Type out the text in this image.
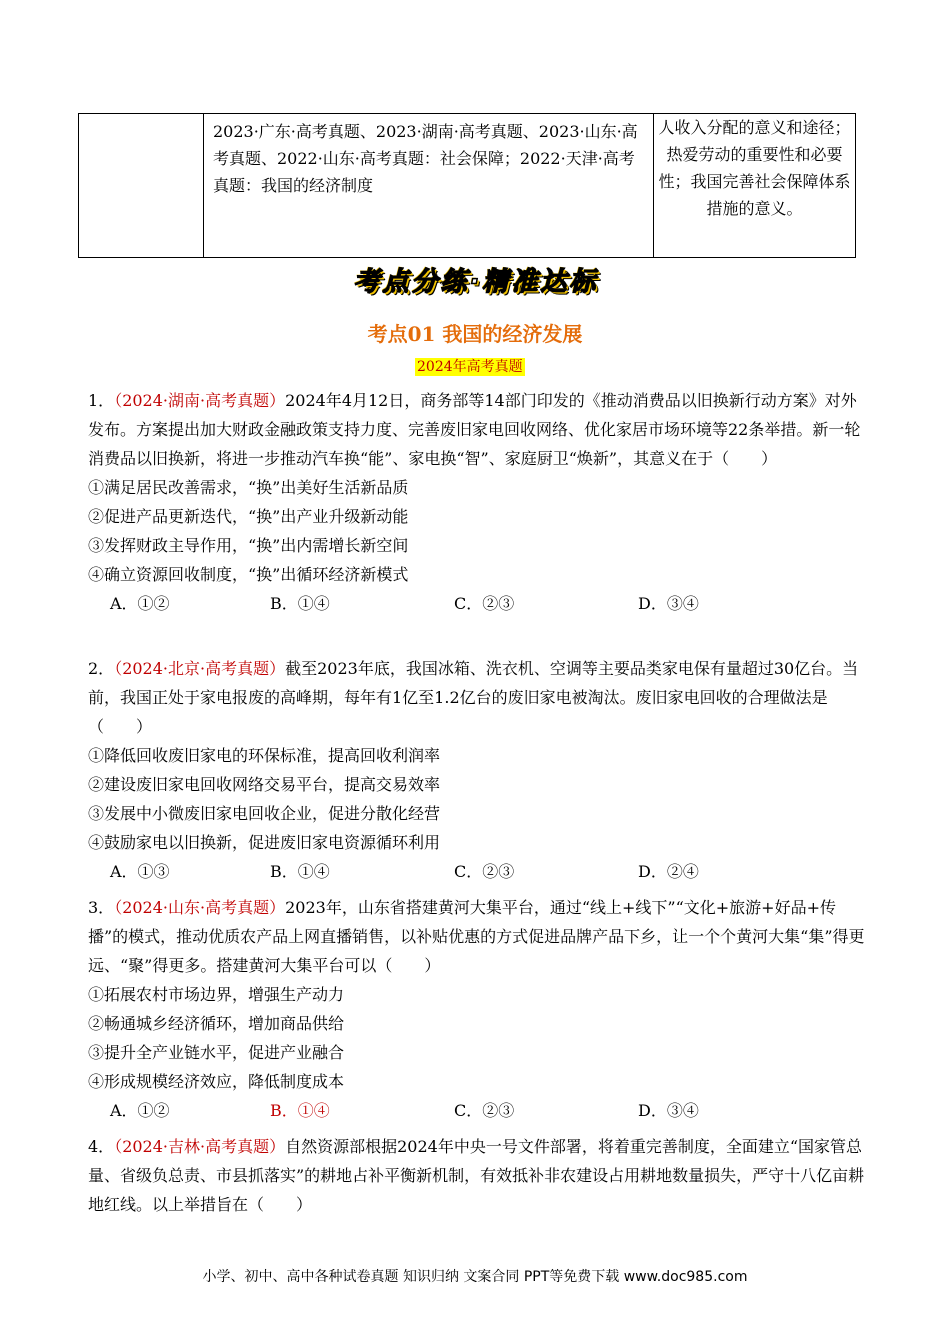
	2023·广东·高考真题、2023·湖南·高考真题、2023·山东·高考真题、2022·山东·高考真题：社会保障；2022·天津·高考真题：我国的经济制度	人收入分配的意义和途径；热爱劳动的重要性和必要性；我国完善社会保障体系措施的意义。
考点分练·精准达标
考点01 我国的经济发展
2024年高考真题

1．（2024·湖南·高考真题）2024年4月12日，商务部等14部门印发的《推动消费品以旧换新行动方案》对外发布。方案提出加大财政金融政策支持力度、完善废旧家电回收网络、优化家居市场环境等22条举措。新一轮消费品以旧换新，将进一步推动汽车换“能”、家电换“智”、家庭厨卫“焕新”，其意义在于（　　）

①满足居民改善需求，“换”出美好生活新品质

②促进产品更新迭代，“换”出产业升级新动能

③发挥财政主导作用，“换”出内需增长新空间

④确立资源回收制度，“换”出循环经济新模式

A．①②	B．①④	C．②③	D．③④

2．（2024·北京·高考真题）截至2023年底，我国冰箱、洗衣机、空调等主要品类家电保有量超过30亿台。当前，我国正处于家电报废的高峰期，每年有1亿至1.2亿台的废旧家电被淘汰。废旧家电回收的合理做法是（　　）

①降低回收废旧家电的环保标准，提高回收利润率

②建设废旧家电回收网络交易平台，提高交易效率

③发展中小微废旧家电回收企业，促进分散化经营

④鼓励家电以旧换新，促进废旧家电资源循环利用

A．①③	B．①④	C．②③	D．②④

3．（2024·山东·高考真题）2023年，山东省搭建黄河大集平台，通过“线上+线下”“文化+旅游+好品+传播”的模式，推动优质农产品上网直播销售，以补贴优惠的方式促进品牌产品下乡，让一个个黄河大集“集”得更远、“聚”得更多。搭建黄河大集平台可以（　　）

①拓展农村市场边界，增强生产动力

②畅通城乡经济循环，增加商品供给

③提升全产业链水平，促进产业融合

④形成规模经济效应，降低制度成本

A．①②	B．①④	C．②③	D．③④

4．（2024·吉林·高考真题）自然资源部根据2024年中央一号文件部署，将着重完善制度，全面建立“国家管总量、省级负总责、市县抓落实”的耕地占补平衡新机制，有效抵补非农建设占用耕地数量损失，严守十八亿亩耕地红线。以上举措旨在（　　）

小学、初中、高中各种试卷真题 知识归纳 文案合同 PPT等免费下载 www.doc985.com
